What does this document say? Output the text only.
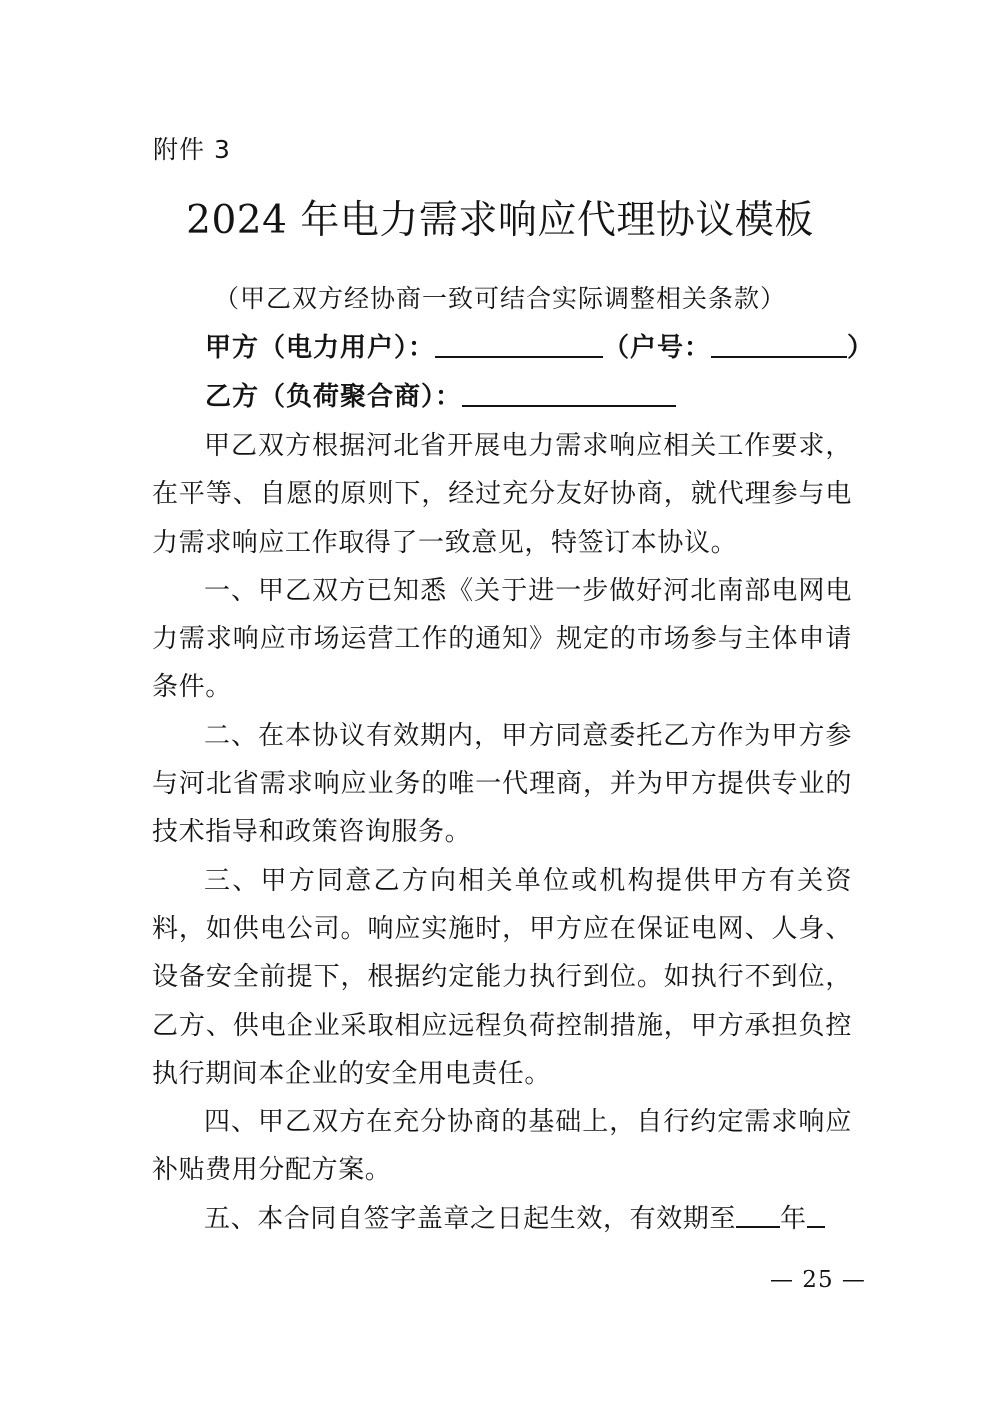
附件 3
2024 年电力需求响应代理协议模板
（甲乙双方经协商一致可结合实际调整相关条款）
甲方（电力用户）：	（户号：	）
乙方（负荷聚合商）：

甲乙双方根据河北省开展电力需求响应相关工作要求，在平等、自愿的原则下，经过充分友好协商，就代理参与电力需求响应工作取得了一致意见，特签订本协议。

一、甲乙双方已知悉《关于进一步做好河北南部电网电力需求响应市场运营工作的通知》规定的市场参与主体申请条件。

二、在本协议有效期内，甲方同意委托乙方作为甲方参与河北省需求响应业务的唯一代理商，并为甲方提供专业的技术指导和政策咨询服务。

三、甲方同意乙方向相关单位或机构提供甲方有关资料，如供电公司。响应实施时，甲方应在保证电网、人身、设备安全前提下，根据约定能力执行到位。如执行不到位，乙方、供电企业采取相应远程负荷控制措施，甲方承担负控执行期间本企业的安全用电责任。

四、甲乙双方在充分协商的基础上，自行约定需求响应补贴费用分配方案。

五、本合同自签字盖章之日起生效，有效期至 年

— 25 —
